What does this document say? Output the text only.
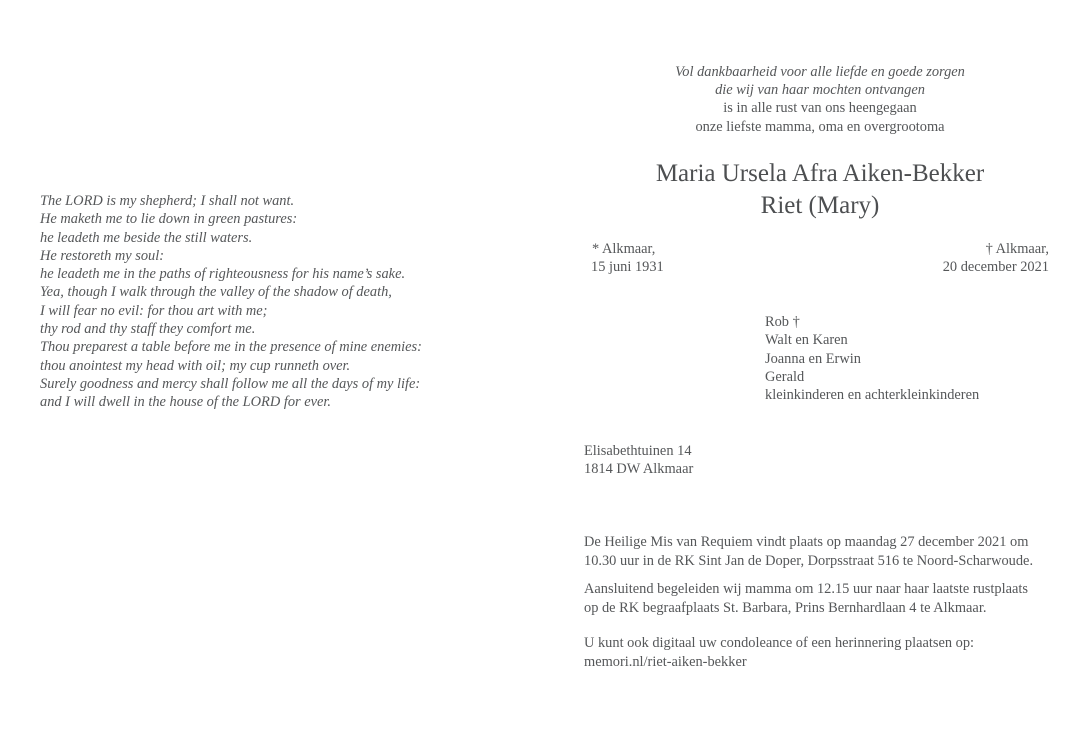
The LORD is my shepherd; I shall not want.
He maketh me to lie down in green pastures:
he leadeth me beside the still waters.
He restoreth my soul:
he leadeth me in the paths of righteousness for his name’s sake.
Yea, though I walk through the valley of the shadow of death,
I will fear no evil: for thou art with me;
thy rod and thy staff they comfort me.
Thou preparest a table before me in the presence of mine enemies:
thou anointest my head with oil; my cup runneth over.
Surely goodness and mercy shall follow me all the days of my life:
and I will dwell in the house of the LORD for ever.
Vol dankbaarheid voor alle liefde en goede zorgen
die wij van haar mochten ontvangen
is in alle rust van ons heengegaan
onze liefste mamma, oma en overgrootoma
Maria Ursela Afra Aiken-Bekker
Riet (Mary)
* Alkmaar,
15 juni 1931
† Alkmaar,
20 december 2021
Rob †
Walt en Karen
Joanna en Erwin
Gerald
kleinkinderen en achterkleinkinderen
Elisabethtuinen 14
1814 DW Alkmaar

De Heilige Mis van Requiem vindt plaats op maandag 27 december 2021 om
10.30 uur in de RK Sint Jan de Doper, Dorpsstraat 516 te Noord-Scharwoude.

Aansluitend begeleiden wij mamma om 12.15 uur naar haar laatste rustplaats
op de RK begraafplaats St. Barbara, Prins Bernhardlaan 4 te Alkmaar.

U kunt ook digitaal uw condoleance of een herinnering plaatsen op:
memori.nl/riet-aiken-bekker
